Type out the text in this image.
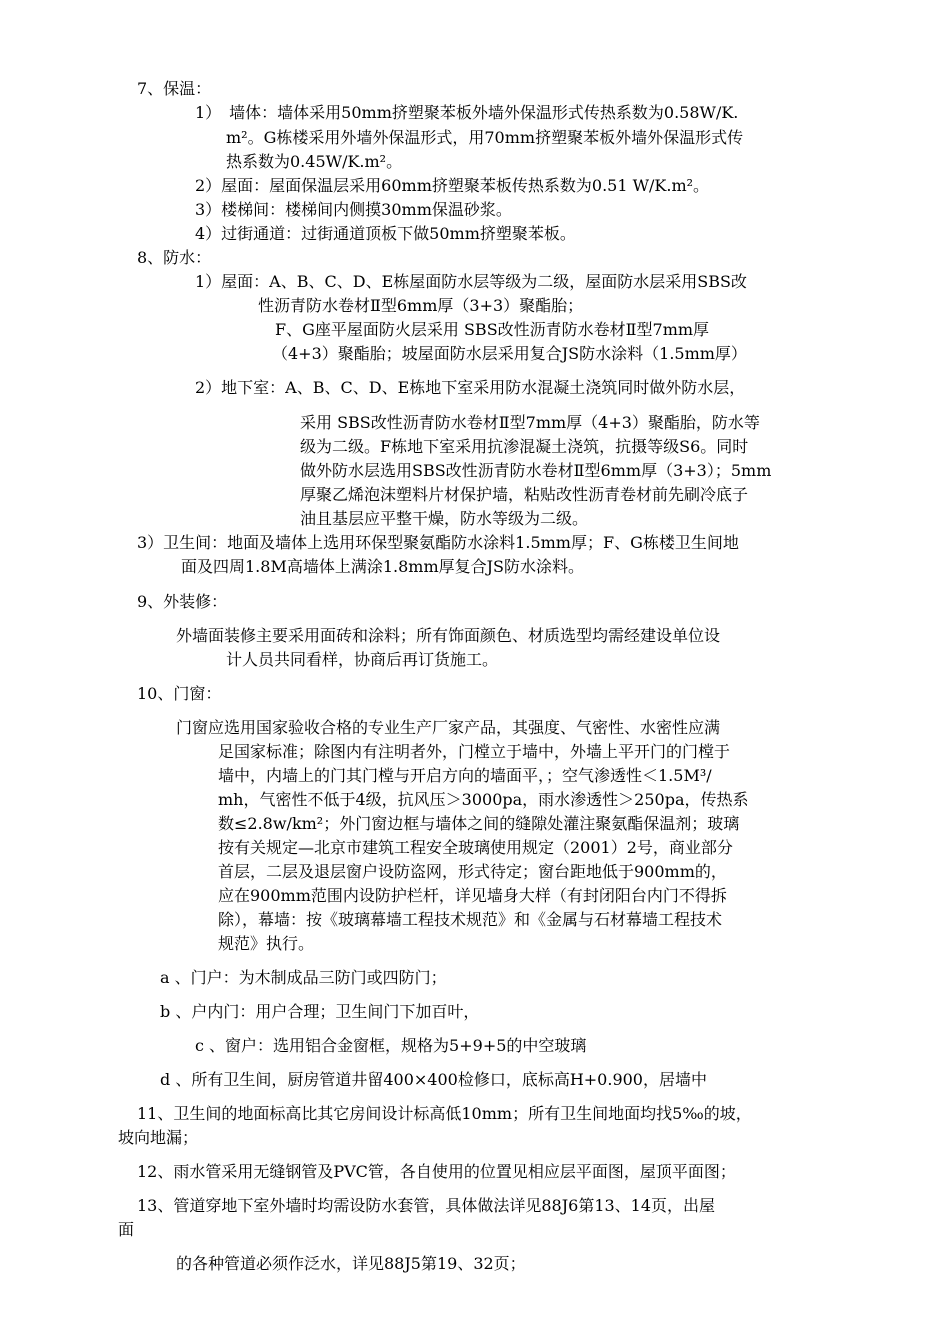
7、保温：
1）　墙体：墙体采用50mm挤塑聚苯板外墙外保温形式传热系数为0.58W/K.
m²。G栋楼采用外墙外保温形式，用70mm挤塑聚苯板外墙外保温形式传
热系数为0.45W/K.m²。
2）屋面：屋面保温层采用60mm挤塑聚苯板传热系数为0.51 W/K.m²。
3）楼梯间：楼梯间内侧摸30mm保温砂浆。
4）过街通道：过街通道顶板下做50mm挤塑聚苯板。
8、防水：
1）屋面：A、B、C、D、E栋屋面防水层等级为二级，屋面防水层采用SBS改
性沥青防水卷材Ⅱ型6mm厚（3+3）聚酯胎；
F、G座平屋面防火层采用 SBS改性沥青防水卷材Ⅱ型7mm厚
（4+3）聚酯胎；坡屋面防水层采用复合JS防水涂料（1.5mm厚）
2）地下室：A、B、C、D、E栋地下室采用防水混凝土浇筑同时做外防水层，
采用 SBS改性沥青防水卷材Ⅱ型7mm厚（4+3）聚酯胎，防水等
级为二级。F栋地下室采用抗渗混凝土浇筑，抗摄等级S6。同时
做外防水层选用SBS改性沥青防水卷材Ⅱ型6mm厚（3+3）；5mm
厚聚乙烯泡沫塑料片材保护墙，粘贴改性沥青卷材前先刷冷底子
油且基层应平整干燥，防水等级为二级。
3）卫生间：地面及墙体上选用环保型聚氨酯防水涂料1.5mm厚；F、G栋楼卫生间地
面及四周1.8M高墙体上满涂1.8mm厚复合JS防水涂料。
9、外装修：
外墙面装修主要采用面砖和涂料；所有饰面颜色、材质选型均需经建设单位设
计人员共同看样，协商后再订货施工。
10、门窗：
门窗应选用国家验收合格的专业生产厂家产品，其强度、气密性、水密性应满
足国家标准；除图内有注明者外，门樘立于墙中，外墙上平开门的门樘于
墙中，内墙上的门其门樘与开启方向的墙面平，；空气渗透性＜1.5M³/
mh，气密性不低于4级，抗风压＞3000pa，雨水渗透性＞250pa，传热系
数≤2.8w/km²；外门窗边框与墙体之间的缝隙处灌注聚氨酯保温剂；玻璃
按有关规定—北京市建筑工程安全玻璃使用规定（2001）2号，商业部分
首层，二层及退层窗户设防盗网，形式待定；窗台距地低于900mm的，
应在900mm范围内设防护栏杆，详见墙身大样（有封闭阳台内门不得拆
除），幕墙：按《玻璃幕墙工程技术规范》和《金属与石材幕墙工程技术
规范》执行。
a 、门户：为木制成品三防门或四防门；
b 、户内门：用户合理；卫生间门下加百叶，
c 、窗户：选用铝合金窗框，规格为5+9+5的中空玻璃
d 、所有卫生间，厨房管道井留400×400检修口，底标高H+0.900，居墙中
11、卫生间的地面标高比其它房间设计标高低10mm；所有卫生间地面均找5‰的坡，
坡向地漏；
12、雨水管采用无缝钢管及PVC管，各自使用的位置见相应层平面图，屋顶平面图；
13、管道穿地下室外墙时均需设防水套管，具体做法详见88J6第13、14页，出屋
面
的各种管道必须作泛水，详见88J5第19、32页；
